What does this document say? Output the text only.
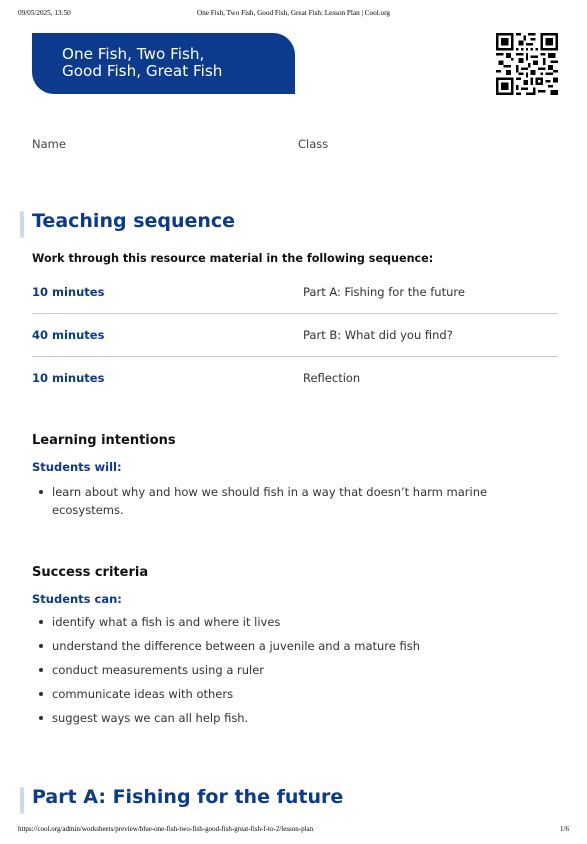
09/05/2025, 13:50	One Fish, Two Fish, Good Fish, Great Fish: Lesson Plan | Cool.org
One Fish, Two Fish,
Good Fish, Great Fish
Name	Class
Teaching sequence

Work through this resource material in the following sequence:

10 minutes	Part A: Fishing for the future
40 minutes	Part B: What did you find?
10 minutes	Reflection
Learning intentions

Students will:

learn about why and how we should fish in a way that doesn’t harm marine ecosystems.
Success criteria

Students can:

identify what a fish is and where it lives
understand the difference between a juvenile and a mature fish
conduct measurements using a ruler
communicate ideas with others
suggest ways we can all help fish.
Part A: Fishing for the future
https://cool.org/admin/worksheets/preview/blue-one-fish-two-fish-good-fish-great-fish-f-to-2/lesson-plan	1/6
